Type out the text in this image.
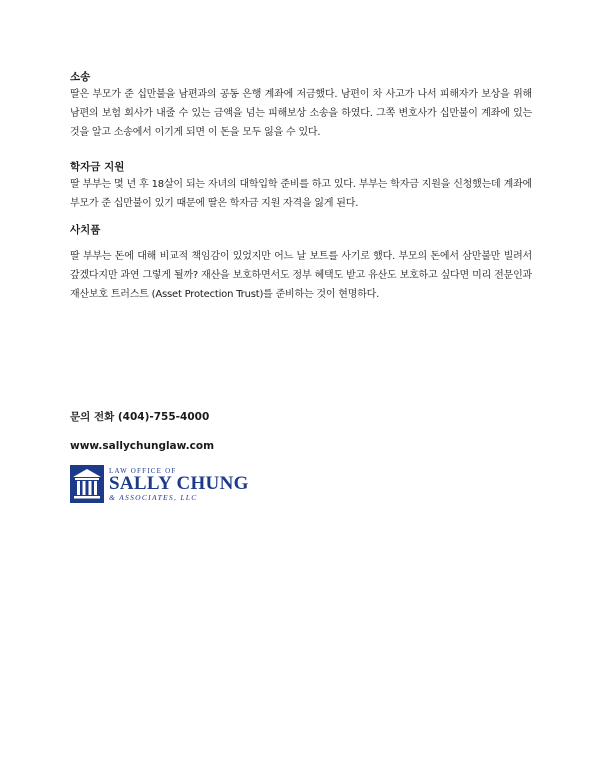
소송

딸은 부모가 준 십만불을 남편과의 공동 은행 계좌에 저금했다. 남편이 차 사고가 나서 피해자가 보상을 위해 남편의 보험 회사가 내줄 수 있는 금액을 넘는 피해보상 소송을 하였다. 그쪽 변호사가 십만불이 계좌에 있는 것을 알고 소송에서 이기게 되면 이 돈을 모두 잃을 수 있다.

학자금 지원

딸 부부는 몇 년 후 18살이 되는 자녀의 대학입학 준비를 하고 있다. 부부는 학자금 지원을 신청했는데 계좌에 부모가 준 십만불이 있기 때문에 딸은 학자금 지원 자격을 잃게 된다.

사치품

딸 부부는 돈에 대해 비교적 책임감이 있었지만 어느 날 보트를 사기로 했다. 부모의 돈에서 삼만불만 빌려서 갚겠다지만 과연 그렇게 될까? 재산을 보호하면서도 정부 혜택도 받고 유산도 보호하고 싶다면 미리 전문인과 재산보호 트러스트 (Asset Protection Trust)를 준비하는 것이 현명하다.

문의 전화 (404)-755-4000

www.sallychunglaw.com

LAW OFFICE OF
SALLY CHUNG
& ASSOCIATES, LLC
